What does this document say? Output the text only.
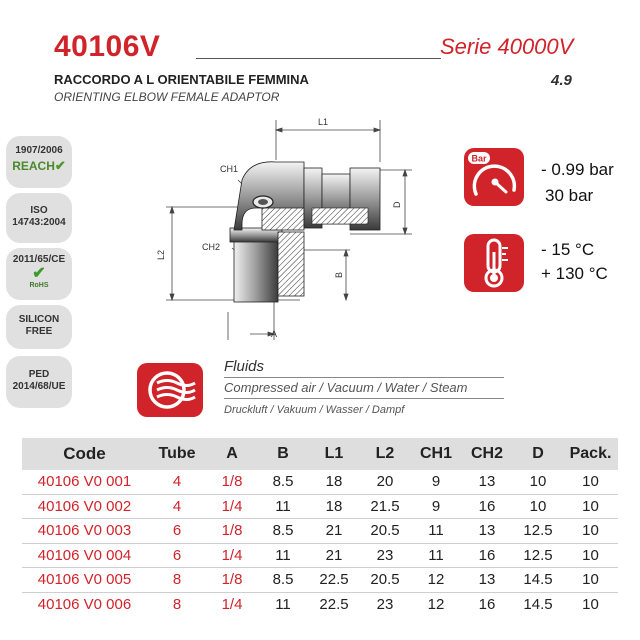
40106V	Serie 40000V
RACCORDO A L ORIENTABILE FEMMINA
ORIENTING ELBOW FEMALE ADAPTOR
4.9
1907/2006
REACH✔
ISO
14743:2004
2011/65/CE
✔
RoHS
SILICON
FREE
PED
2014/68/UE
CH1
L1
CH2
L2
D
B
A
Bar
- 0.99 bar
30 bar
- 15 °C
+ 130 °C
Fluids
Compressed air / Vacuum / Water / Steam
Druckluft / Vakuum / Wasser / Dampf
Code	Tube	A	B	L1	L2	CH1	CH2	D	Pack.
40106 V0 001	4	1/8	8.5	18	20	9	13	10	10
40106 V0 002	4	1/4	11	18	21.5	9	16	10	10
40106 V0 003	6	1/8	8.5	21	20.5	11	13	12.5	10
40106 V0 004	6	1/4	11	21	23	11	16	12.5	10
40106 V0 005	8	1/8	8.5	22.5	20.5	12	13	14.5	10
40106 V0 006	8	1/4	11	22.5	23	12	16	14.5	10
